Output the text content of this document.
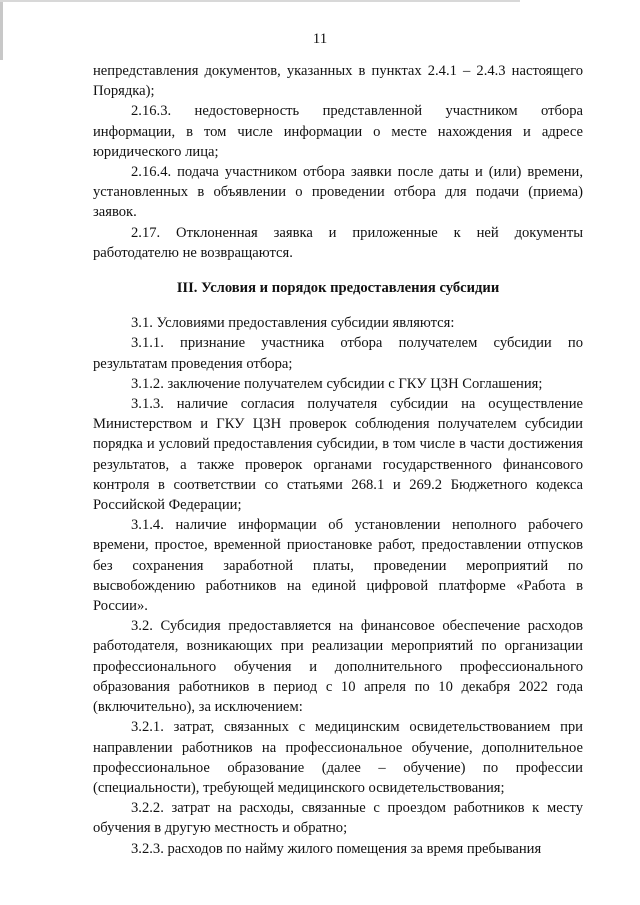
11

непредставления документов, указанных в пунктах 2.4.1 – 2.4.3 настоящего Порядка);

2.16.3. недостоверность представленной участником отбора информации, в том числе информации о месте нахождения и адресе юридического лица;

2.16.4. подача участником отбора заявки после даты и (или) времени, установленных в объявлении о проведении отбора для подачи (приема) заявок.

2.17. Отклоненная заявка и приложенные к ней документы работодателю не возвращаются.

III. Условия и порядок предоставления субсидии

3.1. Условиями предоставления субсидии являются:

3.1.1. признание участника отбора получателем субсидии по результатам проведения отбора;

3.1.2. заключение получателем субсидии с ГКУ ЦЗН Соглашения;

3.1.3. наличие согласия получателя субсидии на осуществление Министерством и ГКУ ЦЗН проверок соблюдения получателем субсидии порядка и условий предоставления субсидии, в том числе в части достижения результатов, а также проверок органами государственного финансового контроля в соответствии со статьями 268.1 и 269.2 Бюджетного кодекса Российской Федерации;

3.1.4. наличие информации об установлении неполного рабочего времени, простое, временной приостановке работ, предоставлении отпусков без сохранения заработной платы, проведении мероприятий по высвобождению работников на единой цифровой платформе «Работа в России».

3.2. Субсидия предоставляется на финансовое обеспечение расходов работодателя, возникающих при реализации мероприятий по организации профессионального обучения и дополнительного профессионального образования работников в период с 10 апреля по 10 декабря 2022 года (включительно), за исключением:

3.2.1. затрат, связанных с медицинским освидетельствованием при направлении работников на профессиональное обучение, дополнительное профессиональное образование (далее – обучение) по профессии (специальности), требующей медицинского освидетельствования;

3.2.2. затрат на расходы, связанные с проездом работников к месту обучения в другую местность и обратно;

3.2.3. расходов по найму жилого помещения за время пребывания
